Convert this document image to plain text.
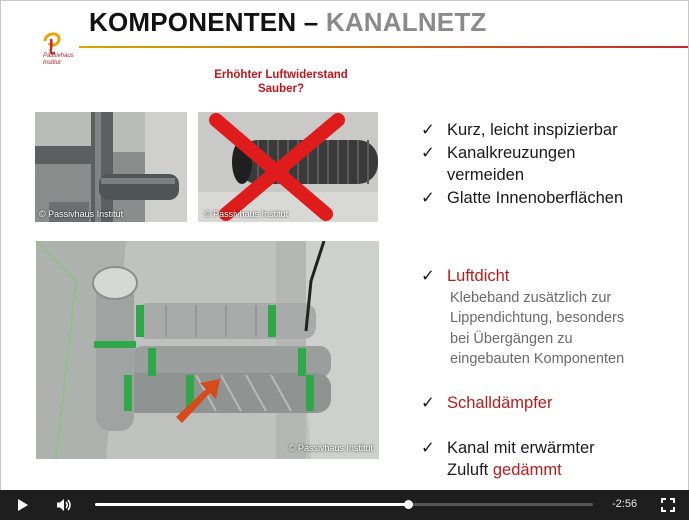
Passivhaus
Institut
KOMPONENTEN – KANALNETZ
Erhöhter Luftwiderstand
Sauber?
© Passivhaus Institut	© Passivhaus Institut
© Passivhaus Institut
✓ Kurz, leicht inspizierbar
✓ Kanalkreuzungen
vermeiden
✓ Glatte Innenoberflächen
✓ Luftdicht
Klebeband zusätzlich zur
Lippendichtung, besonders
bei Übergängen zu
eingebauten Komponenten
✓ Schalldämpfer
✓ Kanal mit erwärmter
Zuluft gedämmt
-2:56
